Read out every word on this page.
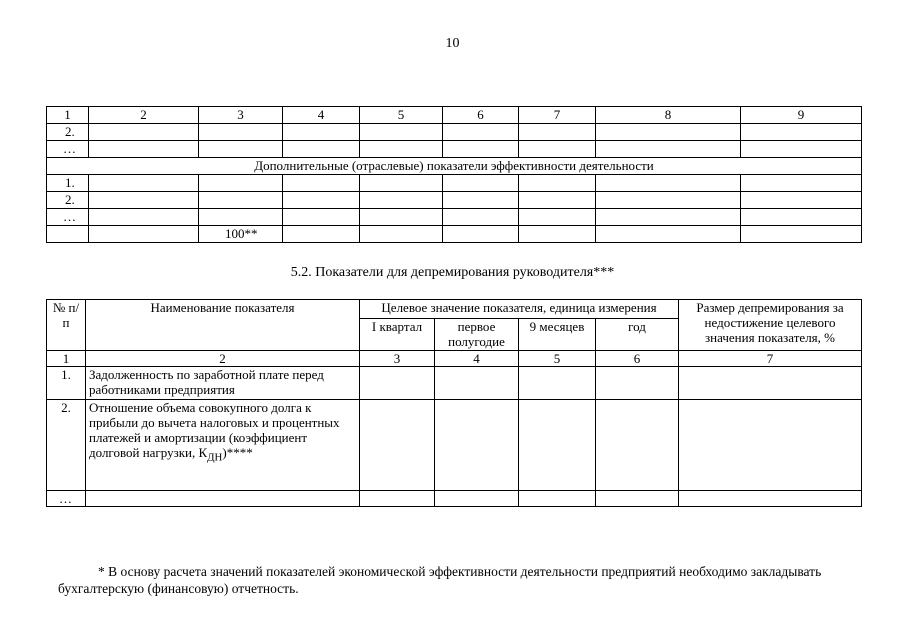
10
1	2	3	4	5	6	7	8	9
2.								
…								
Дополнительные (отраслевые) показатели эффективности деятельности								
1.								
2.								
…								
		100**						
5.2. Показатели для депремирования руководителя***
№ п/п	Наименование показателя	Целевое значение показателя, единица измерения				Размер депремирования за недостижение целевого значения показателя, %
		I квартал	первое полугодие	9 месяцев	год	
1	2	3	4	5	6	7
1.	Задолженность по заработной плате перед работниками предприятия					
2.	Отношение объема совокупного долга к прибыли до вычета налоговых и процентных платежей и амортизации (коэффициент долговой нагрузки, $К_{ДН})****$					
…						
* В основу расчета значений показателей экономической эффективности деятельности предприятий необходимо закладывать бухгалтерскую (финансовую) отчетность.
